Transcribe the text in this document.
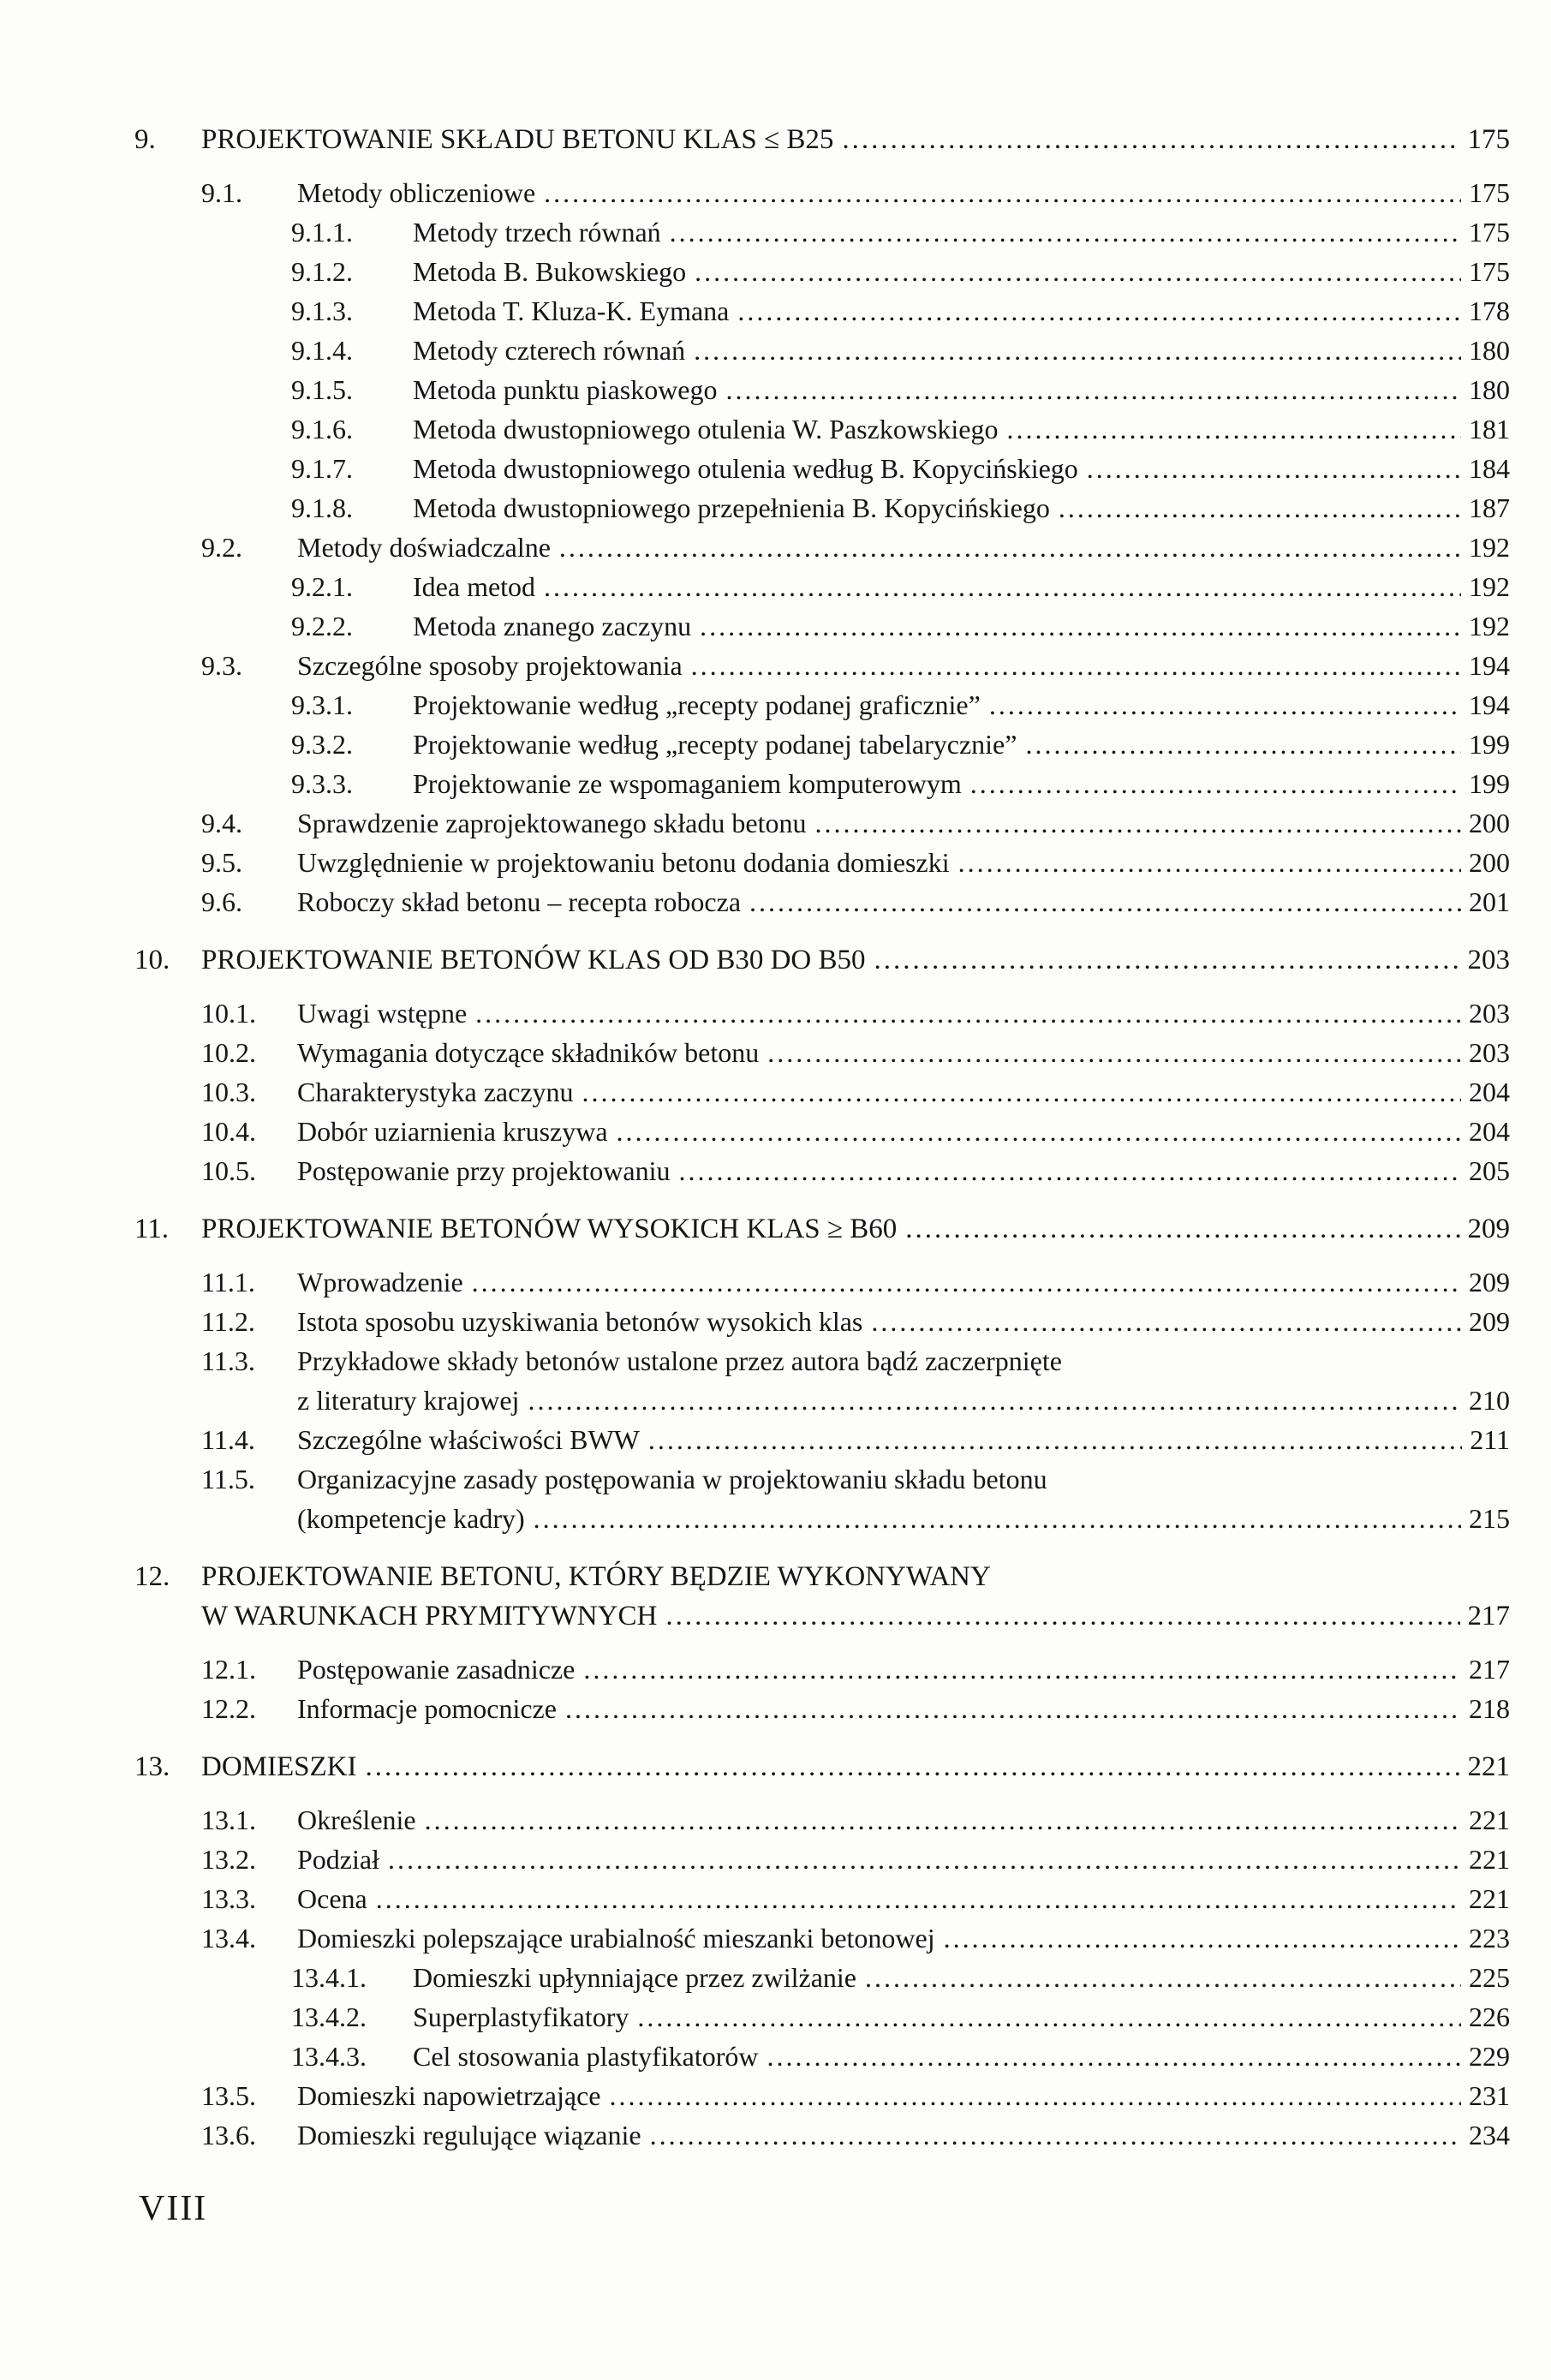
9.	PROJEKTOWANIE SKŁADU BETONU KLAS ≤ B25 .....	175
9.1.	Metody obliczeniowe .....	175
9.1.1.	Metody trzech równań .....	175
9.1.2.	Metoda B. Bukowskiego .....	175
9.1.3.	Metoda T. Kluza-K. Eymana .....	178
9.1.4.	Metody czterech równań .....	180
9.1.5.	Metoda punktu piaskowego .....	180
9.1.6.	Metoda dwustopniowego otulenia W. Paszkowskiego .....	181
9.1.7.	Metoda dwustopniowego otulenia według B. Kopycińskiego .....	184
9.1.8.	Metoda dwustopniowego przepełnienia B. Kopycińskiego .....	187
9.2.	Metody doświadczalne .....	192
9.2.1.	Idea metod .....	192
9.2.2.	Metoda znanego zaczynu .....	192
9.3.	Szczególne sposoby projektowania .....	194
9.3.1.	Projektowanie według „recepty podanej graficznie” .....	194
9.3.2.	Projektowanie według „recepty podanej tabelarycznie” .....	199
9.3.3.	Projektowanie ze wspomaganiem komputerowym .....	199
9.4.	Sprawdzenie zaprojektowanego składu betonu .....	200
9.5.	Uwzględnienie w projektowaniu betonu dodania domieszki .....	200
9.6.	Roboczy skład betonu – recepta robocza .....	201
10.	PROJEKTOWANIE BETONÓW KLAS OD B30 DO B50 .....	203
10.1.	Uwagi wstępne .....	203
10.2.	Wymagania dotyczące składników betonu .....	203
10.3.	Charakterystyka zaczynu .....	204
10.4.	Dobór uziarnienia kruszywa .....	204
10.5.	Postępowanie przy projektowaniu .....	205
11.	PROJEKTOWANIE BETONÓW WYSOKICH KLAS ≥ B60 .....	209
11.1.	Wprowadzenie .....	209
11.2.	Istota sposobu uzyskiwania betonów wysokich klas .....	209
11.3.	Przykładowe składy betonów ustalone przez autora bądź zaczerpnięte
z literatury krajowej .....	210
11.4.	Szczególne właściwości BWW .....	211
11.5.	Organizacyjne zasady postępowania w projektowaniu składu betonu
(kompetencje kadry) .....	215
12.	PROJEKTOWANIE BETONU, KTÓRY BĘDZIE WYKONYWANY
W WARUNKACH PRYMITYWNYCH .....	217
12.1.	Postępowanie zasadnicze .....	217
12.2.	Informacje pomocnicze .....	218
13.	DOMIESZKI .....	221
13.1.	Określenie .....	221
13.2.	Podział .....	221
13.3.	Ocena .....	221
13.4.	Domieszki polepszające urabialność mieszanki betonowej .....	223
13.4.1.	Domieszki upłynniające przez zwilżanie .....	225
13.4.2.	Superplastyfikatory .....	226
13.4.3.	Cel stosowania plastyfikatorów .....	229
13.5.	Domieszki napowietrzające .....	231
13.6.	Domieszki regulujące wiązanie .....	234
VIII
